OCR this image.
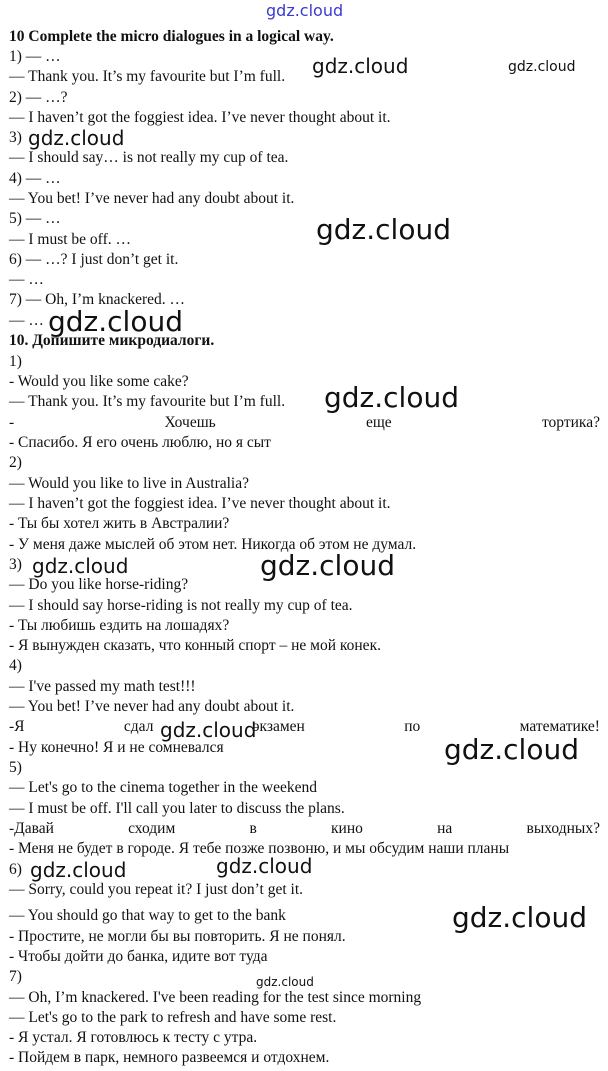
gdz.cloud
gdz.cloud	gdz.cloud
gdz.cloud
gdz.cloud
gdz.cloud
gdz.cloud
gdz.cloud	gdz.cloud
gdz.cloud
gdz.cloud
gdz.cloud
gdz.cloud
gdz.cloud
gdz.cloud
10 Complete the micro dialogues in a logical way.
1) — …
— Thank you. It’s my favourite but I’m full.
2) — …?
— I haven’t got the foggiest idea. I’ve never thought about it.
3)
— I should say… is not really my cup of tea.
4) — …
— You bet! I’ve never had any doubt about it.
5) — …
— I must be off. …
6) — …? I just don’t get it.
— …
7) — Oh, I’m knackered. …
— …
10. Допишите микродиалоги.
1)
- Would you like some cake?
— Thank you. It’s my favourite but I’m full.
-	Хочешь	еще	тортика?
- Спасибо. Я его очень люблю, но я сыт
2)
— Would you like to live in Australia?
— I haven’t got the foggiest idea. I’ve never thought about it.
- Ты бы хотел жить в Австралии?
- У меня даже мыслей об этом нет. Никогда об этом не думал.
3)
— Do you like horse-riding?
— I should say horse-riding is not really my cup of tea.
- Ты любишь ездить на лошадях?
- Я вынужден сказать, что конный спорт – не мой конек.
4)
— I've passed my math test!!!
— You bet! I’ve never had any doubt about it.
-Я	сдал	экзамен	по	математике!
- Ну конечно! Я и не сомневался
5)
— Let's go to the cinema together in the weekend
— I must be off. I'll call you later to discuss the plans.
-Давай	сходим	в	кино	на	выходных?
- Меня не будет в городе. Я тебе позже позвоню, и мы обсудим наши планы
6)
— Sorry, could you repeat it? I just don’t get it.
— You should go that way to get to the bank
- Простите, не могли бы вы повторить. Я не понял.
- Чтобы дойти до банка, идите вот туда
7)
— Oh, I’m knackered. I've been reading for the test since morning
— Let's go to the park to refresh and have some rest.
- Я устал. Я готовлюсь к тесту с утра.
- Пойдем в парк, немного развеемся и отдохнем.
